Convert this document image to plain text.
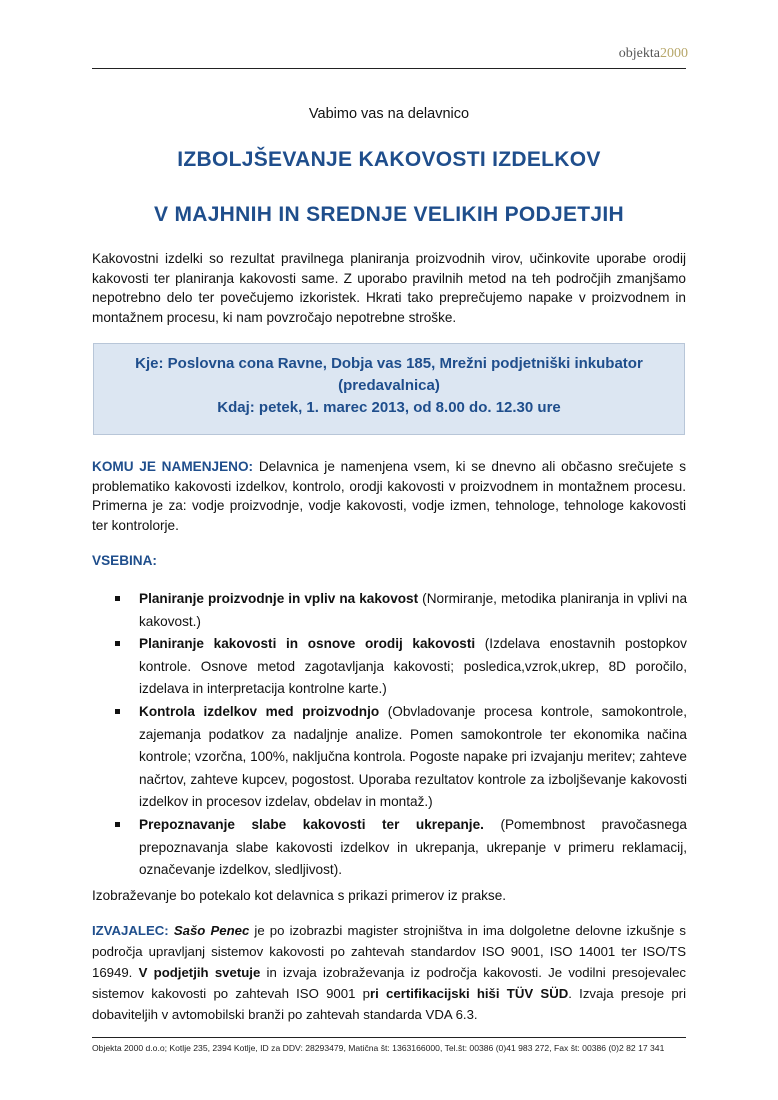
objekta2000
Vabimo vas na delavnico
IZBOLJŠEVANJE KAKOVOSTI IZDELKOV
V MAJHNIH IN SREDNJE VELIKIH PODJETJIH
Kakovostni izdelki so rezultat pravilnega planiranja proizvodnih virov, učinkovite uporabe orodij kakovosti ter planiranja kakovosti same. Z uporabo pravilnih metod na teh področjih zmanjšamo nepotrebno delo ter povečujemo izkoristek. Hkrati tako preprečujemo napake v proizvodnem in montažnem procesu, ki nam povzročajo nepotrebne stroške.
Kje: Poslovna cona Ravne, Dobja vas 185, Mrežni podjetniški inkubator
(predavalnica)
Kdaj: petek, 1. marec 2013, od 8.00 do. 12.30 ure
KOMU JE NAMENJENO: Delavnica je namenjena vsem, ki se dnevno ali občasno srečujete s problematiko kakovosti izdelkov, kontrolo, orodji kakovosti v proizvodnem in montažnem procesu. Primerna je za: vodje proizvodnje, vodje kakovosti, vodje izmen, tehnologe, tehnologe kakovosti ter kontrolorje.
VSEBINA:
Planiranje proizvodnje in vpliv na kakovost (Normiranje, metodika planiranja in vplivi na kakovost.)
Planiranje kakovosti in osnove orodij kakovosti (Izdelava enostavnih postopkov kontrole. Osnove metod zagotavljanja kakovosti; posledica,vzrok,ukrep, 8D poročilo, izdelava in interpretacija kontrolne karte.)
Kontrola izdelkov med proizvodnjo (Obvladovanje procesa kontrole, samokontrole, zajemanja podatkov za nadaljnje analize. Pomen samokontrole ter ekonomika načina kontrole; vzorčna, 100%, naključna kontrola. Pogoste napake pri izvajanju meritev; zahteve načrtov, zahteve kupcev, pogostost. Uporaba rezultatov kontrole za izboljševanje kakovosti izdelkov in procesov izdelav, obdelav in montaž.)
Prepoznavanje slabe kakovosti ter ukrepanje. (Pomembnost pravočasnega prepoznavanja slabe kakovosti izdelkov in ukrepanja, ukrepanje v primeru reklamacij, označevanje izdelkov, sledljivost).
Izobraževanje bo potekalo kot delavnica s prikazi primerov iz prakse.
IZVAJALEC: Sašo Penec je po izobrazbi magister strojništva in ima dolgoletne delovne izkušnje s področja upravljanj sistemov kakovosti po zahtevah standardov ISO 9001, ISO 14001 ter ISO/TS 16949. V podjetjih svetuje in izvaja izobraževanja iz področja kakovosti. Je vodilni presojevalec sistemov kakovosti po zahtevah ISO 9001 pri certifikacijski hiši TÜV SÜD. Izvaja presoje pri dobaviteljih v avtomobilski branži po zahtevah standarda VDA 6.3.
Objekta 2000 d.o.o; Kotlje 235, 2394 Kotlje, ID za DDV: 28293479, Matična št: 1363166000, Tel.št: 00386 (0)41 983 272, Fax št: 00386 (0)2 82 17 341
